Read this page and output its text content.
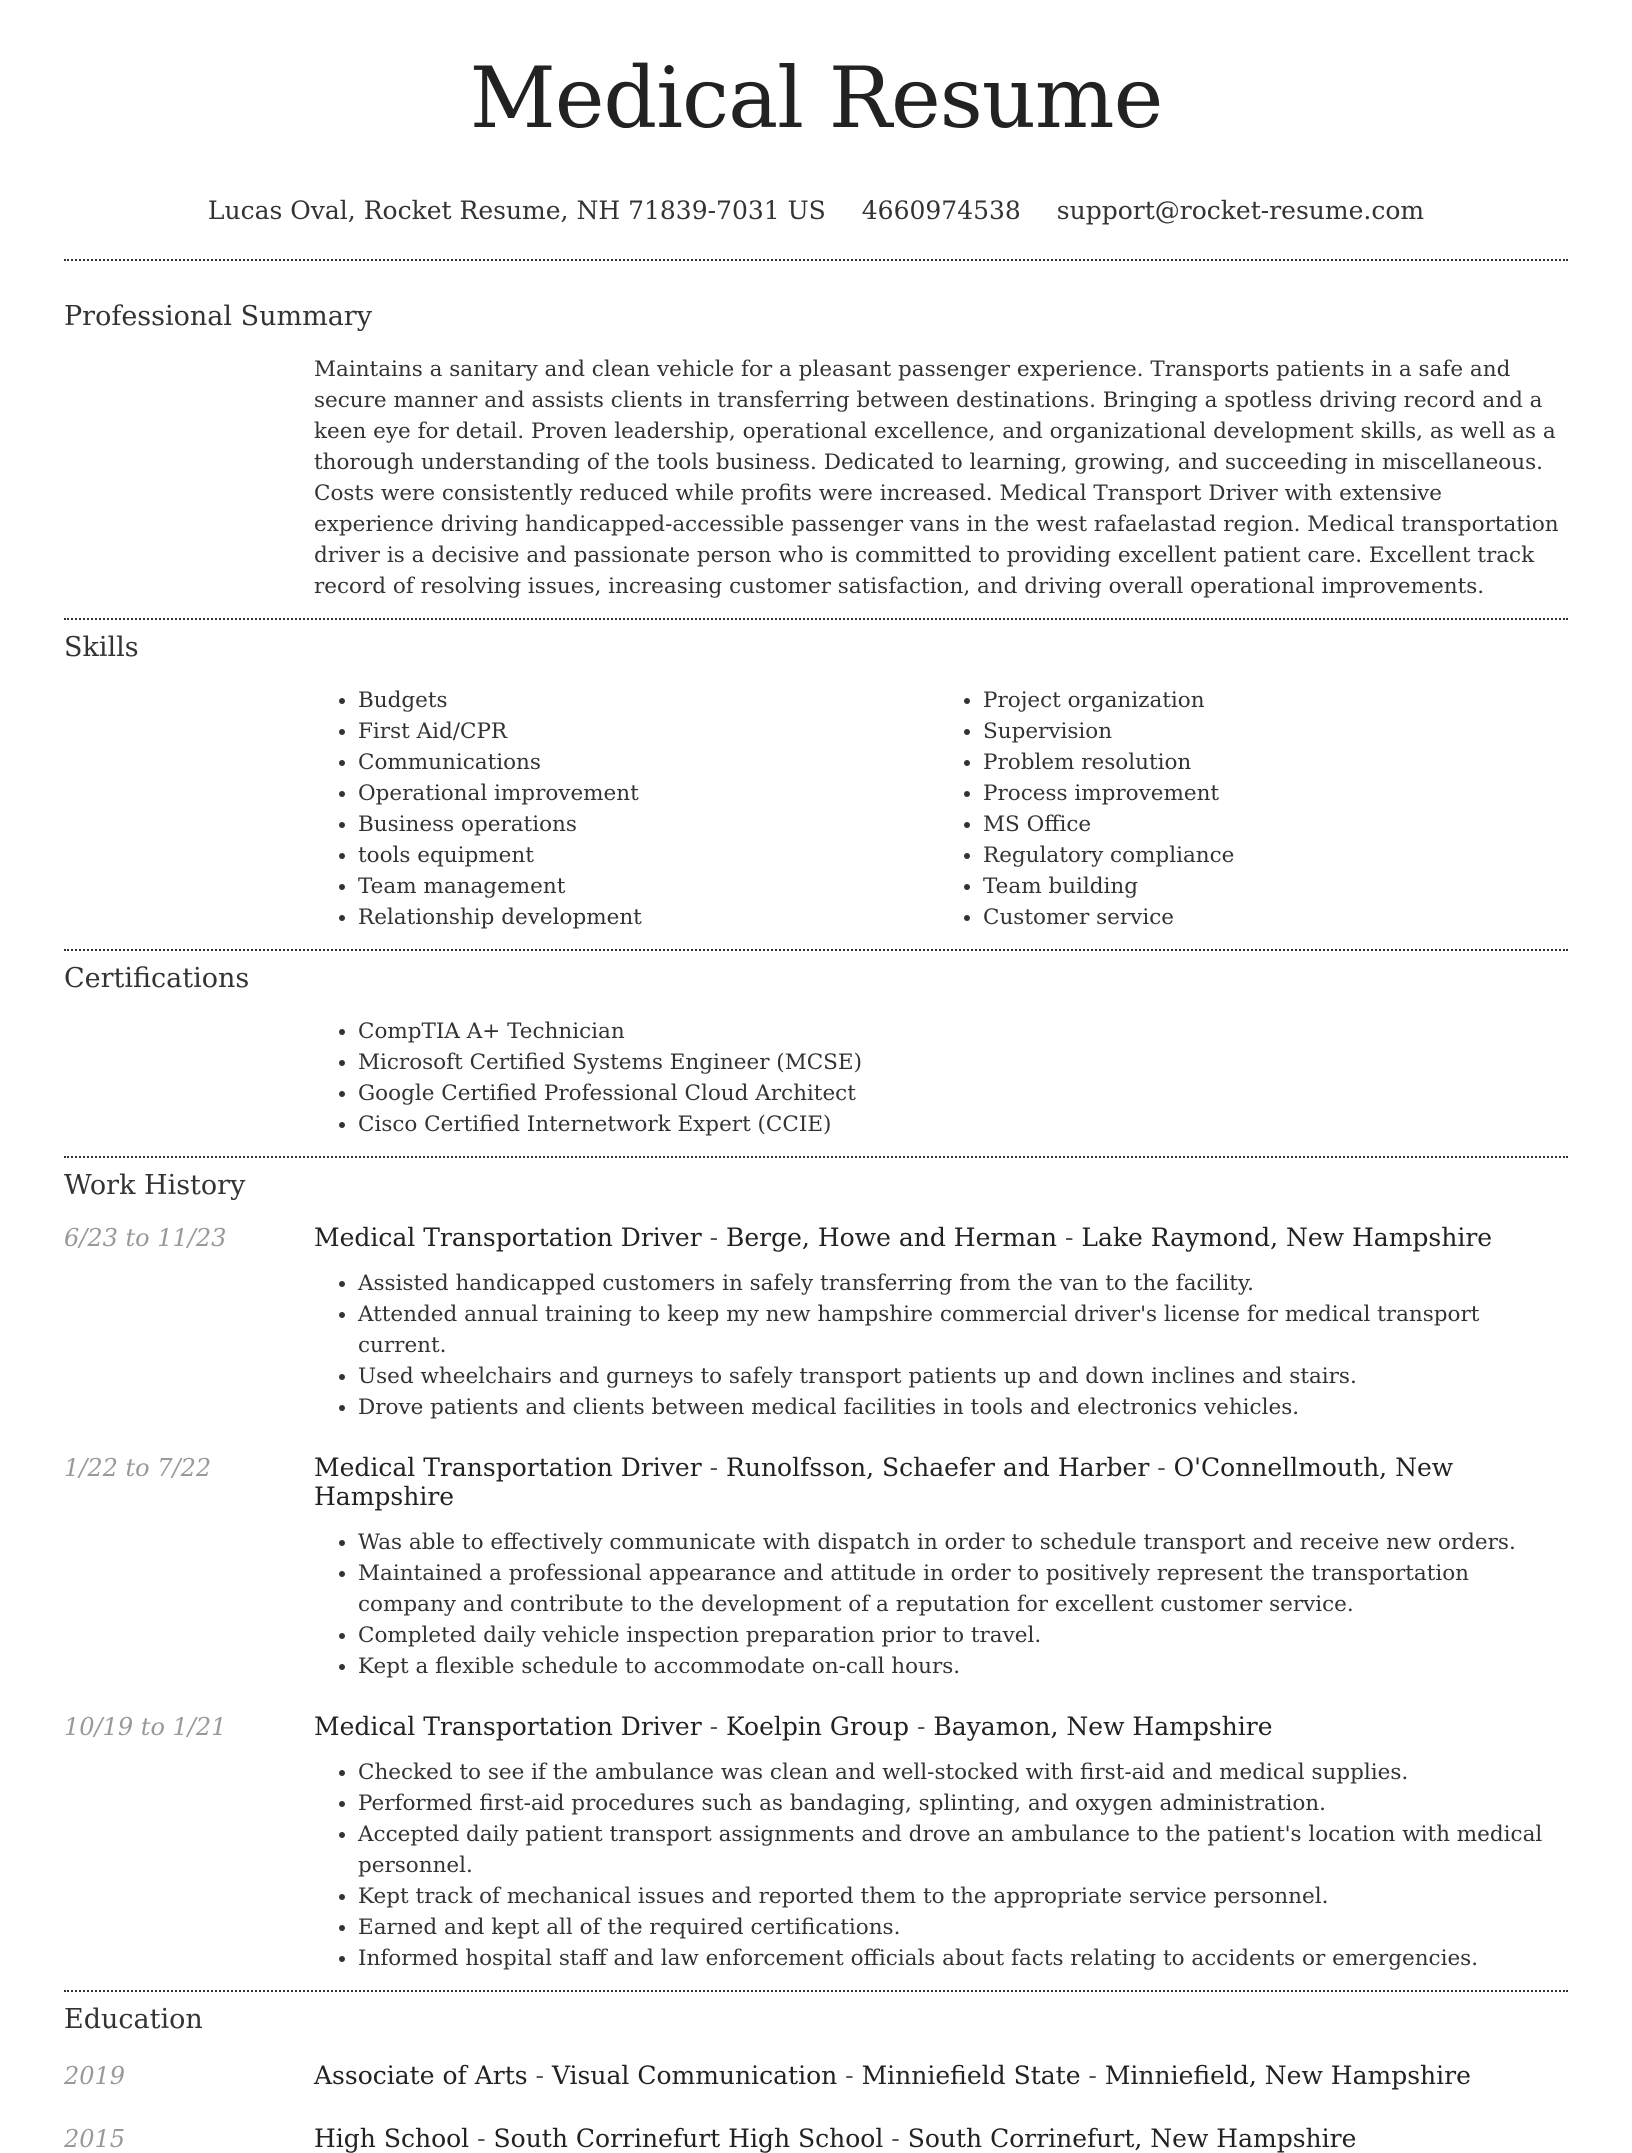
Medical Resume
Lucas Oval, Rocket Resume, NH 71839-7031 US 4660974538 support@rocket-resume.com
Professional Summary

Maintains a sanitary and clean vehicle for a pleasant passenger experience. Transports patients in a safe and secure manner and assists clients in transferring between destinations. Bringing a spotless driving record and a keen eye for detail. Proven leadership, operational excellence, and organizational development skills, as well as a thorough understanding of the tools business. Dedicated to learning, growing, and succeeding in miscellaneous. Costs were consistently reduced while profits were increased. Medical Transport Driver with extensive experience driving handicapped-accessible passenger vans in the west rafaelastad region. Medical transportation driver is a decisive and passionate person who is committed to providing excellent patient care. Excellent track record of resolving issues, increasing customer satisfaction, and driving overall operational improvements.

Skills
• Budgets
• First Aid/CPR
• Communications
• Operational improvement
• Business operations
• tools equipment
• Team management
• Relationship development
• Project organization
• Supervision
• Problem resolution
• Process improvement
• MS Office
• Regulatory compliance
• Team building
• Customer service
Certifications
• CompTIA A+ Technician
• Microsoft Certified Systems Engineer (MCSE)
• Google Certified Professional Cloud Architect
• Cisco Certified Internetwork Expert (CCIE)
Work History
6/23 to 11/23	Medical Transportation Driver - Berge, Howe and Herman - Lake Raymond, New Hampshire
• Assisted handicapped customers in safely transferring from the van to the facility.
• Attended annual training to keep my new hampshire commercial driver's license for medical transport current.
• Used wheelchairs and gurneys to safely transport patients up and down inclines and stairs.
• Drove patients and clients between medical facilities in tools and electronics vehicles.
1/22 to 7/22	Medical Transportation Driver - Runolfsson, Schaefer and Harber - O'Connellmouth, New Hampshire
• Was able to effectively communicate with dispatch in order to schedule transport and receive new orders.
• Maintained a professional appearance and attitude in order to positively represent the transportation company and contribute to the development of a reputation for excellent customer service.
• Completed daily vehicle inspection preparation prior to travel.
• Kept a flexible schedule to accommodate on-call hours.
10/19 to 1/21	Medical Transportation Driver - Koelpin Group - Bayamon, New Hampshire
• Checked to see if the ambulance was clean and well-stocked with first-aid and medical supplies.
• Performed first-aid procedures such as bandaging, splinting, and oxygen administration.
• Accepted daily patient transport assignments and drove an ambulance to the patient's location with medical personnel.
• Kept track of mechanical issues and reported them to the appropriate service personnel.
• Earned and kept all of the required certifications.
• Informed hospital staff and law enforcement officials about facts relating to accidents or emergencies.
Education
2019	Associate of Arts - Visual Communication - Minniefield State - Minniefield, New Hampshire
2015	High School - South Corrinefurt High School - South Corrinefurt, New Hampshire
